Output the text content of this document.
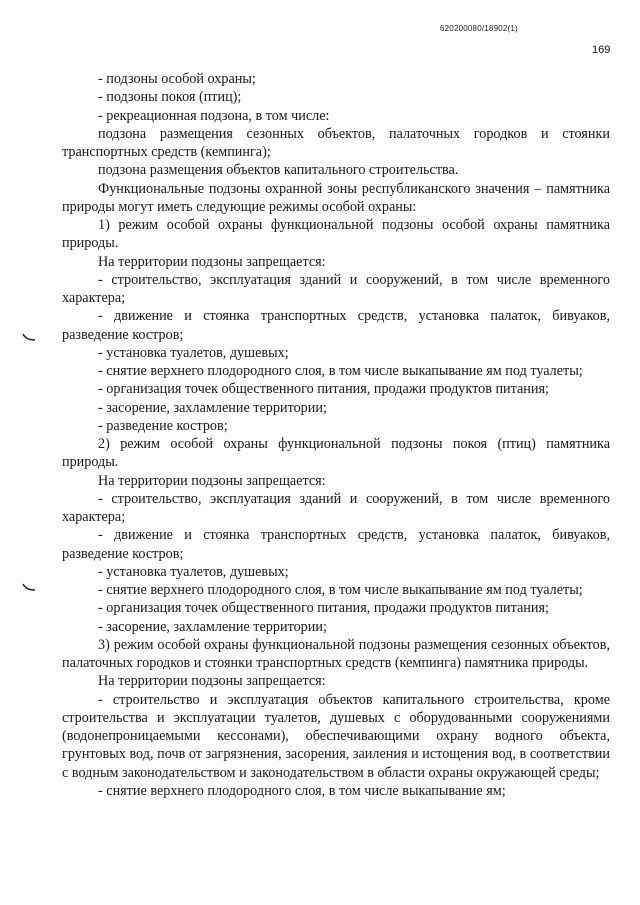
620200080/18902(1)
169

- подзоны особой охраны;

- подзоны покоя (птиц);

- рекреационная подзона, в том числе:

подзона размещения сезонных объектов, палаточных городков и стоянки транспортных средств (кемпинга);

подзона размещения объектов капитального строительства.

Функциональные подзоны охранной зоны республиканского значения – памятника природы могут иметь следующие режимы особой охраны:

1) режим особой охраны функциональной подзоны особой охраны памятника природы.

На территории подзоны запрещается:

- строительство, эксплуатация зданий и сооружений, в том числе временного характера;

- движение и стоянка транспортных средств, установка палаток, бивуаков, разведение костров;

- установка туалетов, душевых;

- снятие верхнего плодородного слоя, в том числе выкапывание ям под туалеты;

- организация точек общественного питания, продажи продуктов питания;

- засорение, захламление территории;

- разведение костров;

2) режим особой охраны функциональной подзоны покоя (птиц) памятника природы.

На территории подзоны запрещается:

- строительство, эксплуатация зданий и сооружений, в том числе временного характера;

- движение и стоянка транспортных средств, установка палаток, бивуаков, разведение костров;

- установка туалетов, душевых;

- снятие верхнего плодородного слоя, в том числе выкапывание ям под туалеты;

- организация точек общественного питания, продажи продуктов питания;

- засорение, захламление территории;

3) режим особой охраны функциональной подзоны размещения сезонных объектов, палаточных городков и стоянки транспортных средств (кемпинга) памятника природы.

На территории подзоны запрещается:

- строительство и эксплуатация объектов капитального строительства, кроме строительства и эксплуатации туалетов, душевых с оборудованными сооружениями (водонепроницаемыми кессонами), обеспечивающими охрану водного объекта, грунтовых вод, почв от загрязнения, засорения, заиления и истощения вод, в соответствии с водным законодательством и законодательством в области охраны окружающей среды;

- снятие верхнего плодородного слоя, в том числе выкапывание ям;
